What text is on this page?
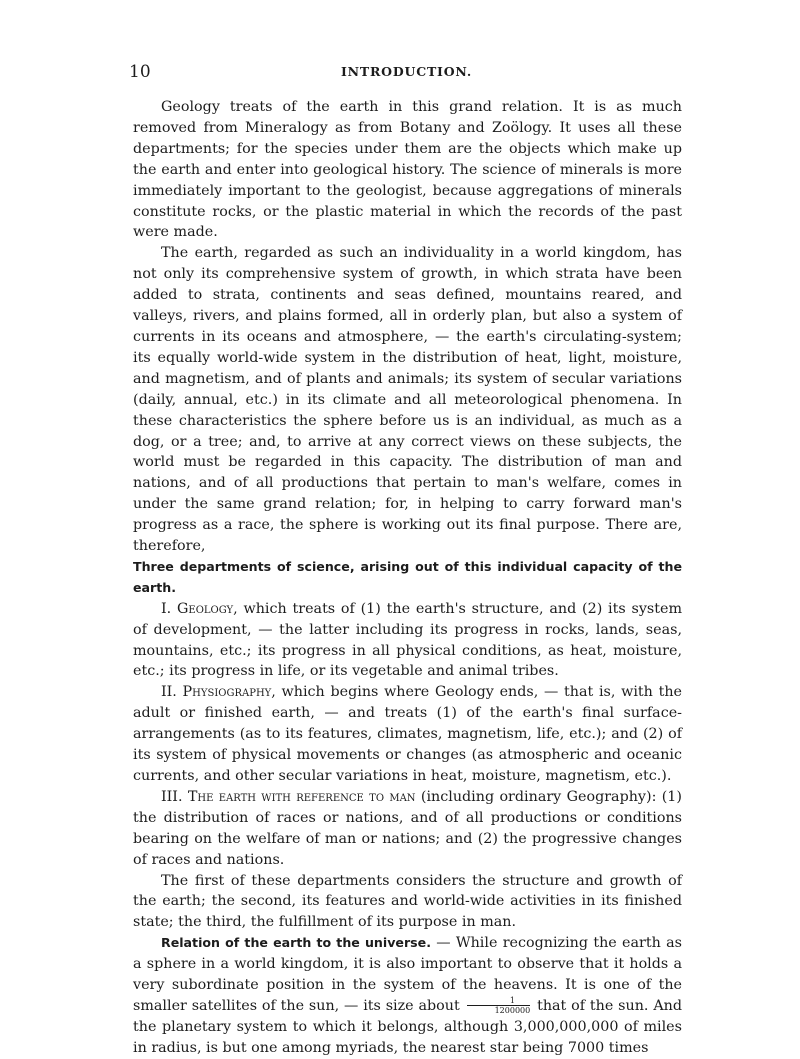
10	INTRODUCTION.

Geology treats of the earth in this grand relation. It is as much removed from Mineralogy as from Botany and Zoölogy. It uses all these departments; for the species under them are the objects which make up the earth and enter into geological history. The science of minerals is more immediately important to the geologist, because aggregations of minerals constitute rocks, or the plastic material in which the records of the past were made.

The earth, regarded as such an individuality in a world kingdom, has not only its comprehensive system of growth, in which strata have been added to strata, continents and seas defined, mountains reared, and valleys, rivers, and plains formed, all in orderly plan, but also a system of currents in its oceans and atmosphere, — the earth's circulating-system; its equally world-wide system in the distribution of heat, light, moisture, and magnetism, and of plants and animals; its system of secular variations (daily, annual, etc.) in its climate and all meteorological phenomena. In these characteristics the sphere before us is an individual, as much as a dog, or a tree; and, to arrive at any correct views on these subjects, the world must be regarded in this capacity. The distribution of man and nations, and of all productions that pertain to man's welfare, comes in under the same grand relation; for, in helping to carry forward man's progress as a race, the sphere is working out its final purpose. There are, therefore,

Three departments of science, arising out of this individual capacity of the earth.

I. Geology, which treats of (1) the earth's structure, and (2) its system of development, — the latter including its progress in rocks, lands, seas, mountains, etc.; its progress in all physical conditions, as heat, moisture, etc.; its progress in life, or its vegetable and animal tribes.

II. Physiography, which begins where Geology ends, — that is, with the adult or finished earth, — and treats (1) of the earth's final surface-arrangements (as to its features, climates, magnetism, life, etc.); and (2) of its system of physical movements or changes (as atmospheric and oceanic currents, and other secular variations in heat, moisture, magnetism, etc.).

III. The earth with reference to man (including ordinary Geography): (1) the distribution of races or nations, and of all productions or conditions bearing on the welfare of man or nations; and (2) the progressive changes of races and nations.

The first of these departments considers the structure and growth of the earth; the second, its features and world-wide activities in its finished state; the third, the fulfillment of its purpose in man.

Relation of the earth to the universe. — While recognizing the earth as a sphere in a world kingdom, it is also important to observe that it holds a very subordinate position in the system of the heavens. It is one of the smaller satellites of the sun, — its size about $\frac{1}{1200000}$ that of the sun. And the planetary system to which it belongs, although 3,000,000,000 of miles in radius, is but one among myriads, the nearest star being 7000 times
